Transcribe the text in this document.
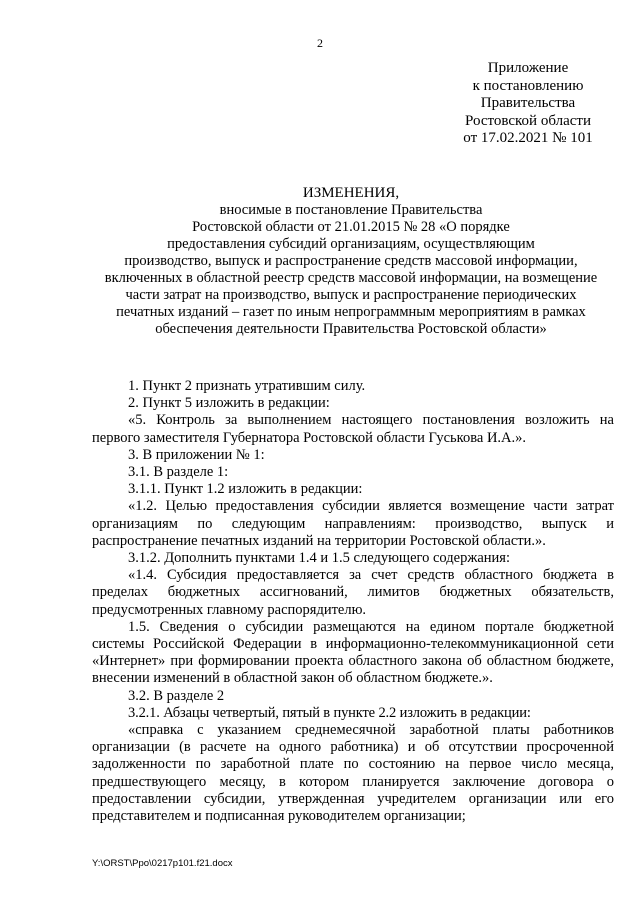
2
Приложение
к постановлению
Правительства
Ростовской области
от 17.02.2021 № 101
ИЗМЕНЕНИЯ,
вносимые в постановление Правительства
Ростовской области от 21.01.2015 № 28 «О порядке
предоставления субсидий организациям, осуществляющим
производство, выпуск и распространение средств массовой информации,
включенных в областной реестр средств массовой информации, на возмещение
части затрат на производство, выпуск и распространение периодических
печатных изданий – газет по иным непрограммным мероприятиям в рамках
обеспечения деятельности Правительства Ростовской области»

1. Пункт 2 признать утратившим силу.

2. Пункт 5 изложить в редакции:

«5. Контроль за выполнением настоящего постановления возложить на первого заместителя Губернатора Ростовской области Гуськова И.А.».

3. В приложении № 1:

3.1. В разделе 1:

3.1.1. Пункт 1.2 изложить в редакции:

«1.2. Целью предоставления субсидии является возмещение части затрат организациям по следующим направлениям: производство, выпуск и распространение печатных изданий на территории Ростовской области.».

3.1.2. Дополнить пунктами 1.4 и 1.5 следующего содержания:

«1.4. Субсидия предоставляется за счет средств областного бюджета в пределах бюджетных ассигнований, лимитов бюджетных обязательств, предусмотренных главному распорядителю.

1.5. Сведения о субсидии размещаются на едином портале бюджетной системы Российской Федерации в информационно-телекоммуникационной сети «Интернет» при формировании проекта областного закона об областном бюджете, внесении изменений в областной закон об областном бюджете.».

3.2. В разделе 2

3.2.1. Абзацы четвертый, пятый в пункте 2.2 изложить в редакции:

«справка с указанием среднемесячной заработной платы работников организации (в расчете на одного работника) и об отсутствии просроченной задолженности по заработной плате по состоянию на первое число месяца, предшествующего месяцу, в котором планируется заключение договора о предоставлении субсидии, утвержденная учредителем организации или его представителем и подписанная руководителем организации;

Y:\ORST\Ppo\0217p101.f21.docx
